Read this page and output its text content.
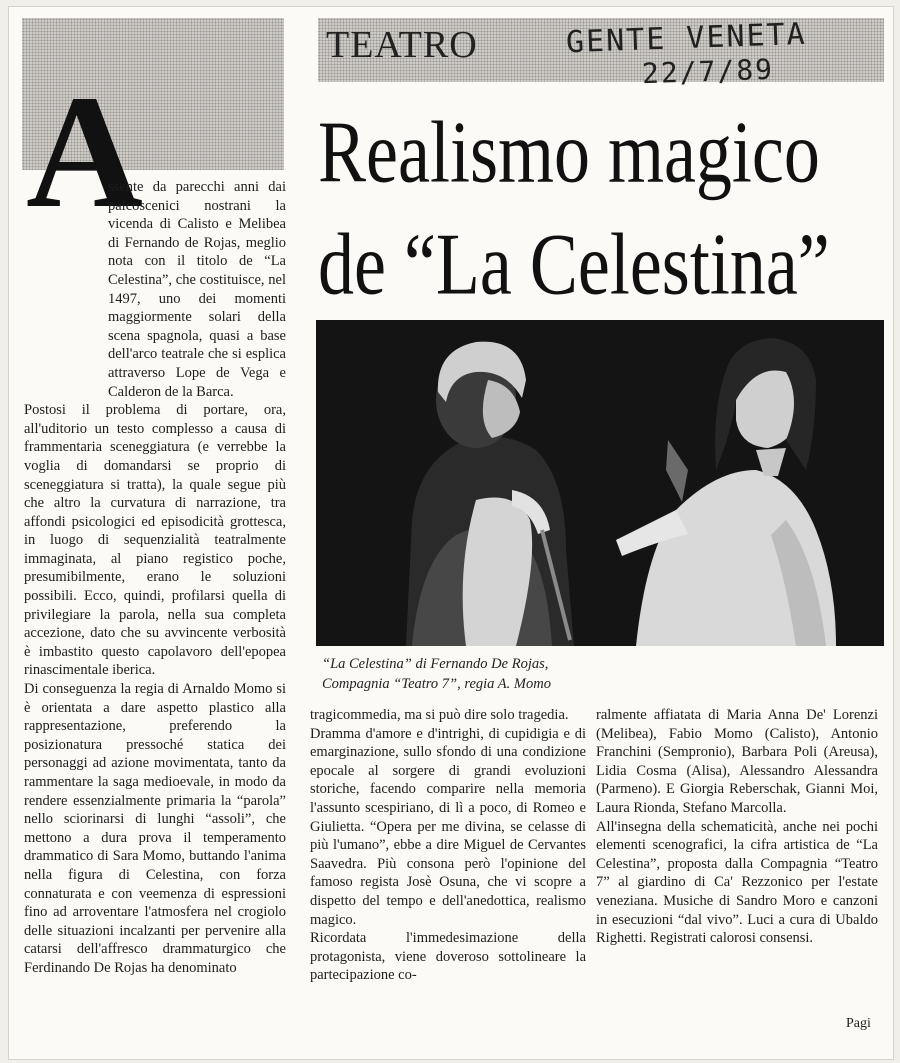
TEATRO	GENTE VENETA
22/7/89
Realismo magico
de “La Celestina”
A

ssente da parecchi anni dai palcoscenici nostrani la vicenda di Calisto e Melibea di Fernando de Rojas, meglio nota con il titolo de “La Celestina”, che costituisce, nel 1497, uno dei momenti maggiormente solari della scena spagnola, quasi a base dell'arco teatrale che si esplica attraverso Lope de Vega e Calderon de la Barca.

Postosi il problema di portare, ora, all'uditorio un testo complesso a causa di frammentaria sceneggiatura (e verrebbe la voglia di domandarsi se proprio di sceneggiatura si tratta), la quale segue più che altro la curvatura di narrazione, tra affondi psicologici ed episodicità grottesca, in luogo di sequenzialità teatralmente immaginata, al piano registico poche, presumibilmente, erano le soluzioni possibili. Ecco, quindi, profilarsi quella di privilegiare la parola, nella sua completa accezione, dato che su avvincente verbosità è imbastito questo capolavoro dell'epopea rinascimentale iberica.

Di conseguenza la regia di Arnaldo Momo si è orientata a dare aspetto plastico alla rappresentazione, preferendo la posizionatura pressoché statica dei personaggi ad azione movimentata, tanto da rammentare la saga medioevale, in modo da rendere essenzialmente primaria la “parola” nello sciorinarsi di lunghi “assoli”, che mettono a dura prova il temperamento drammatico di Sara Momo, buttando l'anima nella figura di Celestina, con forza connaturata e con veemenza di espressioni fino ad arroventare l'atmosfera nel crogiolo delle situazioni incalzanti per pervenire alla catarsi dell'affresco drammaturgico che Ferdinando De Rojas ha denominato

“La Celestina” di Fernando De Rojas,
Compagnia “Teatro 7”, regia A. Momo

tragicommedia, ma si può dire solo tragedia.

Dramma d'amore e d'intrighi, di cupidigia e di emarginazione, sullo sfondo di una condizione epocale al sorgere di grandi evoluzioni storiche, facendo comparire nella memoria l'assunto scespiriano, di lì a poco, di Romeo e Giulietta. “Opera per me divina, se celasse di più l'umano”, ebbe a dire Miguel de Cervantes Saavedra. Più consona però l'opinione del famoso regista Josè Osuna, che vi scopre a dispetto del tempo e dell'anedottica, realismo magico.

Ricordata l'immedesimazione della protagonista, viene doveroso sottolineare la partecipazione co-

ralmente affiatata di Maria Anna De' Lorenzi (Melibea), Fabio Momo (Calisto), Antonio Franchini (Sempronio), Barbara Poli (Areusa), Lidia Cosma (Alisa), Alessandro Alessandra (Parmeno). E Giorgia Reberschak, Gianni Moi, Laura Rionda, Stefano Marcolla.

All'insegna della schematicità, anche nei pochi elementi scenografici, la cifra artistica de “La Celestina”, proposta dalla Compagnia “Teatro 7” al giardino di Ca' Rezzonico per l'estate veneziana. Musiche di Sandro Moro e canzoni in esecuzioni “dal vivo”. Luci a cura di Ubaldo Righetti. Registrati calorosi consensi.

Pagi
